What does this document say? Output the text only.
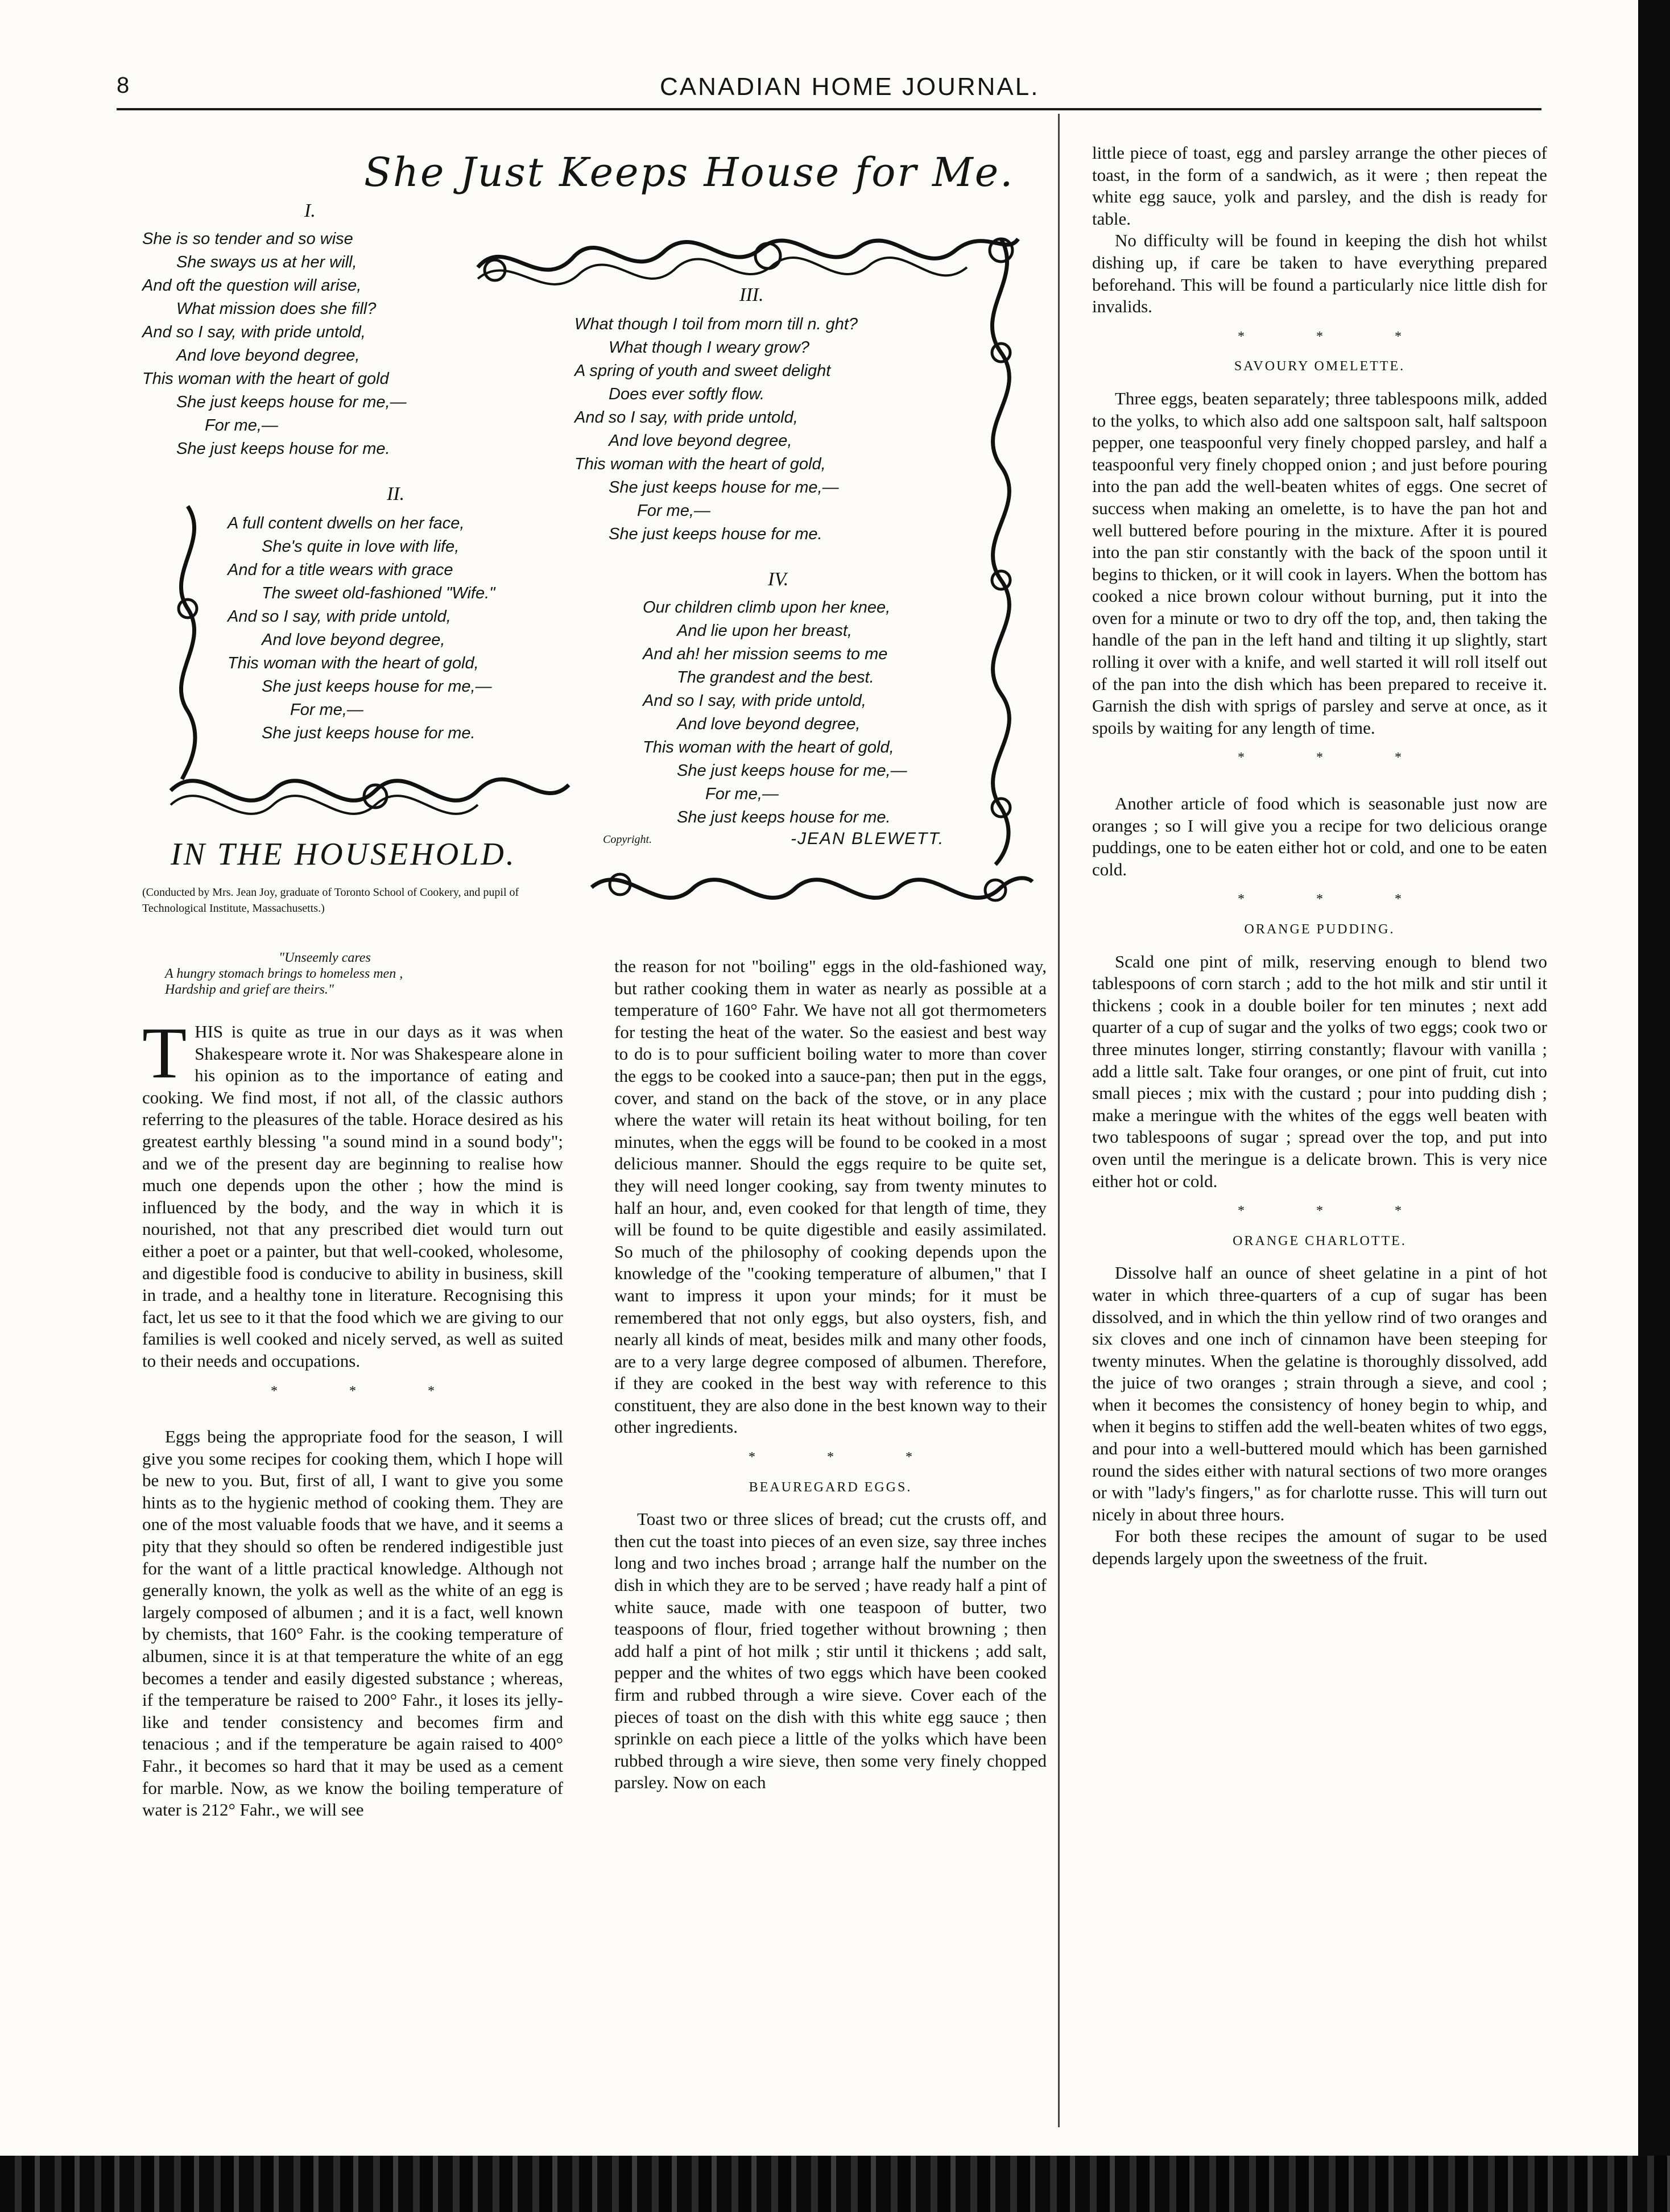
8	CANADIAN HOME JOURNAL.
She Just Keeps House for Me.
I.
She is so tender and so wise
She sways us at her will,
And oft the question will arise,
What mission does she fill?
And so I say, with pride untold,
And love beyond degree,
This woman with the heart of gold
She just keeps house for me,—
For me,—
She just keeps house for me.
II.
A full content dwells on her face,
She's quite in love with life,
And for a title wears with grace
The sweet old-fashioned "Wife."
And so I say, with pride untold,
And love beyond degree,
This woman with the heart of gold,
She just keeps house for me,—
For me,—
She just keeps house for me.
III.
What though I toil from morn till n. ght?
What though I weary grow?
A spring of youth and sweet delight
Does ever softly flow.
And so I say, with pride untold,
And love beyond degree,
This woman with the heart of gold,
She just keeps house for me,—
For me,—
She just keeps house for me.
IV.
Our children climb upon her knee,
And lie upon her breast,
And ah! her mission seems to me
The grandest and the best.
And so I say, with pride untold,
And love beyond degree,
This woman with the heart of gold,
She just keeps house for me,—
For me,—
She just keeps house for me.
Copyright.	-JEAN BLEWETT.
IN THE HOUSEHOLD.
(Conducted by Mrs. Jean Joy, graduate of Toronto School of Cookery, and pupil of Technological Institute, Massachusetts.)
"Unseemly cares
A hungry stomach brings to homeless men ,
Hardship and grief are theirs."

THIS is quite as true in our days as it was when Shakespeare wrote it. Nor was Shakespeare alone in his opinion as to the importance of eating and cooking. We find most, if not all, of the classic authors referring to the pleasures of the table. Horace desired as his greatest earthly blessing "a sound mind in a sound body"; and we of the present day are beginning to realise how much one depends upon the other ; how the mind is influenced by the body, and the way in which it is nourished, not that any prescribed diet would turn out either a poet or a painter, but that well-cooked, wholesome, and digestible food is conducive to ability in business, skill in trade, and a healthy tone in literature. Recognising this fact, let us see to it that the food which we are giving to our families is well cooked and nicely served, as well as suited to their needs and occupations.

* * *

Eggs being the appropriate food for the season, I will give you some recipes for cooking them, which I hope will be new to you. But, first of all, I want to give you some hints as to the hygienic method of cooking them. They are one of the most valuable foods that we have, and it seems a pity that they should so often be rendered indigestible just for the want of a little practical knowledge. Although not generally known, the yolk as well as the white of an egg is largely composed of albumen ; and it is a fact, well known by chemists, that 160° Fahr. is the cooking temperature of albumen, since it is at that temperature the white of an egg becomes a tender and easily digested substance ; whereas, if the temperature be raised to 200° Fahr., it loses its jelly-like and tender consistency and becomes firm and tenacious ; and if the temperature be again raised to 400° Fahr., it becomes so hard that it may be used as a cement for marble. Now, as we know the boiling temperature of water is 212° Fahr., we will see

the reason for not "boiling" eggs in the old-fashioned way, but rather cooking them in water as nearly as possible at a temperature of 160° Fahr. We have not all got thermometers for testing the heat of the water. So the easiest and best way to do is to pour sufficient boiling water to more than cover the eggs to be cooked into a sauce-pan; then put in the eggs, cover, and stand on the back of the stove, or in any place where the water will retain its heat without boiling, for ten minutes, when the eggs will be found to be cooked in a most delicious manner. Should the eggs require to be quite set, they will need longer cooking, say from twenty minutes to half an hour, and, even cooked for that length of time, they will be found to be quite digestible and easily assimilated. So much of the philosophy of cooking depends upon the knowledge of the "cooking temperature of albumen," that I want to impress it upon your minds; for it must be remembered that not only eggs, but also oysters, fish, and nearly all kinds of meat, besides milk and many other foods, are to a very large degree composed of albumen. Therefore, if they are cooked in the best way with reference to this constituent, they are also done in the best known way to their other ingredients.

* * *
BEAUREGARD EGGS.

Toast two or three slices of bread; cut the crusts off, and then cut the toast into pieces of an even size, say three inches long and two inches broad ; arrange half the number on the dish in which they are to be served ; have ready half a pint of white sauce, made with one teaspoon of butter, two teaspoons of flour, fried together without browning ; then add half a pint of hot milk ; stir until it thickens ; add salt, pepper and the whites of two eggs which have been cooked firm and rubbed through a wire sieve. Cover each of the pieces of toast on the dish with this white egg sauce ; then sprinkle on each piece a little of the yolks which have been rubbed through a wire sieve, then some very finely chopped parsley. Now on each

little piece of toast, egg and parsley arrange the other pieces of toast, in the form of a sandwich, as it were ; then repeat the white egg sauce, yolk and parsley, and the dish is ready for table.

No difficulty will be found in keeping the dish hot whilst dishing up, if care be taken to have everything prepared beforehand. This will be found a particularly nice little dish for invalids.

* * *
SAVOURY OMELETTE.

Three eggs, beaten separately; three tablespoons milk, added to the yolks, to which also add one saltspoon salt, half saltspoon pepper, one teaspoonful very finely chopped parsley, and half a teaspoonful very finely chopped onion ; and just before pouring into the pan add the well-beaten whites of eggs. One secret of success when making an omelette, is to have the pan hot and well buttered before pouring in the mixture. After it is poured into the pan stir constantly with the back of the spoon until it begins to thicken, or it will cook in layers. When the bottom has cooked a nice brown colour without burning, put it into the oven for a minute or two to dry off the top, and, then taking the handle of the pan in the left hand and tilting it up slightly, start rolling it over with a knife, and well started it will roll itself out of the pan into the dish which has been prepared to receive it. Garnish the dish with sprigs of parsley and serve at once, as it spoils by waiting for any length of time.

* * *

Another article of food which is seasonable just now are oranges ; so I will give you a recipe for two delicious orange puddings, one to be eaten either hot or cold, and one to be eaten cold.

* * *
ORANGE PUDDING.

Scald one pint of milk, reserving enough to blend two tablespoons of corn starch ; add to the hot milk and stir until it thickens ; cook in a double boiler for ten minutes ; next add quarter of a cup of sugar and the yolks of two eggs; cook two or three minutes longer, stirring constantly; flavour with vanilla ; add a little salt. Take four oranges, or one pint of fruit, cut into small pieces ; mix with the custard ; pour into pudding dish ; make a meringue with the whites of the eggs well beaten with two tablespoons of sugar ; spread over the top, and put into oven until the meringue is a delicate brown. This is very nice either hot or cold.

* * *
ORANGE CHARLOTTE.

Dissolve half an ounce of sheet gelatine in a pint of hot water in which three-quarters of a cup of sugar has been dissolved, and in which the thin yellow rind of two oranges and six cloves and one inch of cinnamon have been steeping for twenty minutes. When the gelatine is thoroughly dissolved, add the juice of two oranges ; strain through a sieve, and cool ; when it becomes the consistency of honey begin to whip, and when it begins to stiffen add the well-beaten whites of two eggs, and pour into a well-buttered mould which has been garnished round the sides either with natural sections of two more oranges or with "lady's fingers," as for charlotte russe. This will turn out nicely in about three hours.

For both these recipes the amount of sugar to be used depends largely upon the sweetness of the fruit.
